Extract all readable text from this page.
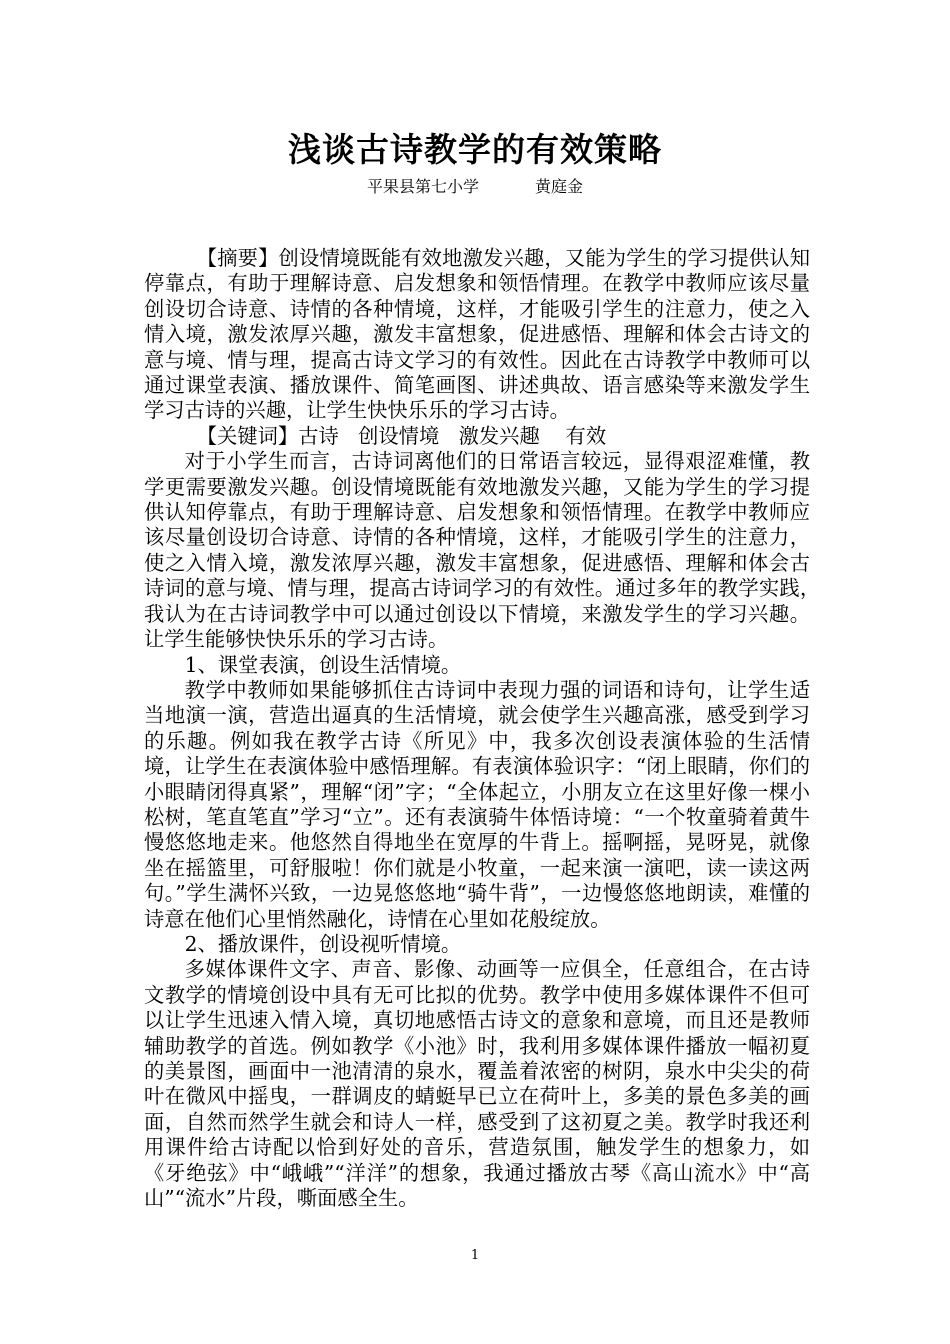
浅谈古诗教学的有效策略
平果县第七小学	黄庭金

【摘要】创设情境既能有效地激发兴趣，又能为学生的学习提供认知停靠点，有助于理解诗意、启发想象和领悟情理。在教学中教师应该尽量创设切合诗意、诗情的各种情境，这样，才能吸引学生的注意力，使之入情入境，激发浓厚兴趣，激发丰富想象，促进感悟、理解和体会古诗文的意与境、情与理，提高古诗文学习的有效性。因此在古诗教学中教师可以通过课堂表演、播放课件、简笔画图、讲述典故、语言感染等来激发学生学习古诗的兴趣，让学生快快乐乐的学习古诗。

【关键词】古诗 创设情境 激发兴趣 有效

对于小学生而言，古诗词离他们的日常语言较远，显得艰涩难懂，教学更需要激发兴趣。创设情境既能有效地激发兴趣，又能为学生的学习提供认知停靠点，有助于理解诗意、启发想象和领悟情理。在教学中教师应该尽量创设切合诗意、诗情的各种情境，这样，才能吸引学生的注意力，使之入情入境，激发浓厚兴趣，激发丰富想象，促进感悟、理解和体会古诗词的意与境、情与理，提高古诗词学习的有效性。通过多年的教学实践，　我认为在古诗词教学中可以通过创设以下情境，来激发学生的学习兴趣。让学生能够快快乐乐的学习古诗。

1、课堂表演，创设生活情境。

教学中教师如果能够抓住古诗词中表现力强的词语和诗句，让学生适当地演一演，营造出逼真的生活情境，就会使学生兴趣高涨，感受到学习的乐趣。例如我在教学古诗《所见》中，我多次创设表演体验的生活情境，让学生在表演体验中感悟理解。有表演体验识字：“闭上眼睛，你们的小眼睛闭得真紧”，理解“闭”字；“全体起立，小朋友立在这里好像一棵小松树，笔直笔直”学习“立”。还有表演骑牛体悟诗境：“一个牧童骑着黄牛慢悠悠地走来。他悠然自得地坐在宽厚的牛背上。摇啊摇，晃呀晃，就像坐在摇篮里，可舒服啦！你们就是小牧童，一起来演一演吧，读一读这两句。”学生满怀兴致，一边晃悠悠地“骑牛背”，一边慢悠悠地朗读，难懂的诗意在他们心里悄然融化，诗情在心里如花般绽放。

2、播放课件，创设视听情境。

多媒体课件文字、声音、影像、动画等一应俱全，任意组合，在古诗文教学的情境创设中具有无可比拟的优势。教学中使用多媒体课件不但可以让学生迅速入情入境，真切地感悟古诗文的意象和意境，而且还是教师辅助教学的首选。例如教学《小池》时，我利用多媒体课件播放一幅初夏的美景图，画面中一池清清的泉水，覆盖着浓密的树阴，泉水中尖尖的荷叶在微风中摇曳，一群调皮的蜻蜓早已立在荷叶上，多美的景色多美的画面，自然而然学生就会和诗人一样，感受到了这初夏之美。教学时我还利用课件给古诗配以恰到好处的音乐，营造氛围，触发学生的想象力，如《牙绝弦》中“峨峨”“洋洋”的想象，我通过播放古琴《高山流水》中“高山”“流水”片段，嘶面感全生。

1
